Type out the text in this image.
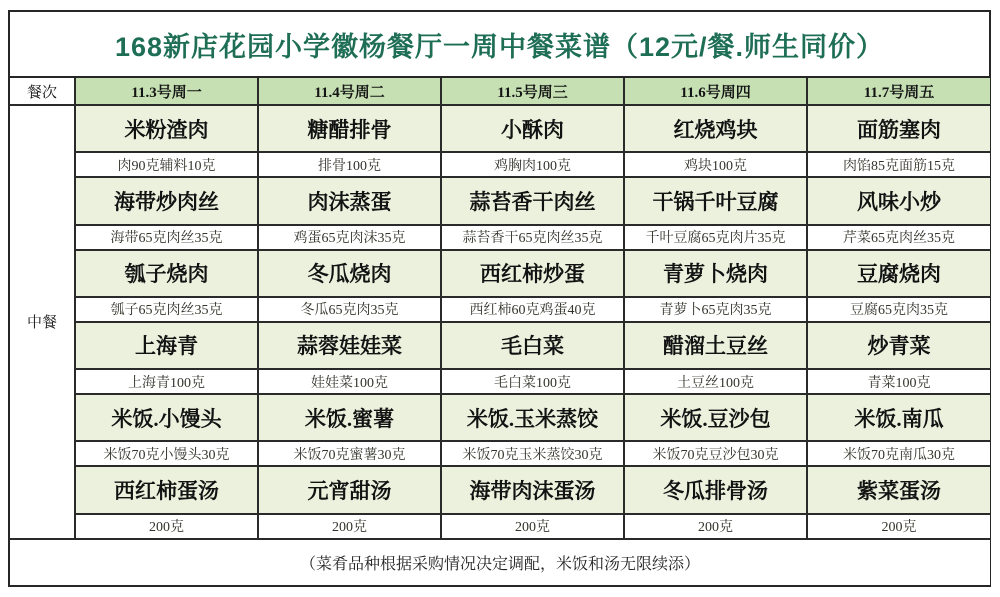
168新店花园小学徽杨餐厅一周中餐菜谱（12元/餐.师生同价）
餐次	11.3号周一	11.4号周二	11.5号周三	11.6号周四	11.7号周五
中餐	米粉渣肉	糖醋排骨	小酥肉	红烧鸡块	面筋塞肉
	肉90克辅料10克	排骨100克	鸡胸肉100克	鸡块100克	肉馅85克面筋15克
	海带炒肉丝	肉沫蒸蛋	蒜苔香干肉丝	干锅千叶豆腐	风味小炒
	海带65克肉丝35克	鸡蛋65克肉沫35克	蒜苔香干65克肉丝35克	千叶豆腐65克肉片35克	芹菜65克肉丝35克
	瓠子烧肉	冬瓜烧肉	西红柿炒蛋	青萝卜烧肉	豆腐烧肉
	瓠子65克肉丝35克	冬瓜65克肉35克	西红柿60克鸡蛋40克	青萝卜65克肉35克	豆腐65克肉35克
	上海青	蒜蓉娃娃菜	毛白菜	醋溜土豆丝	炒青菜
	上海青100克	娃娃菜100克	毛白菜100克	土豆丝100克	青菜100克
	米饭.小馒头	米饭.蜜薯	米饭.玉米蒸饺	米饭.豆沙包	米饭.南瓜
	米饭70克小馒头30克	米饭70克蜜薯30克	米饭70克玉米蒸饺30克	米饭70克豆沙包30克	米饭70克南瓜30克
	西红柿蛋汤	元宵甜汤	海带肉沫蛋汤	冬瓜排骨汤	紫菜蛋汤
	200克	200克	200克	200克	200克
（菜肴品种根据采购情况决定调配，米饭和汤无限续添）					
